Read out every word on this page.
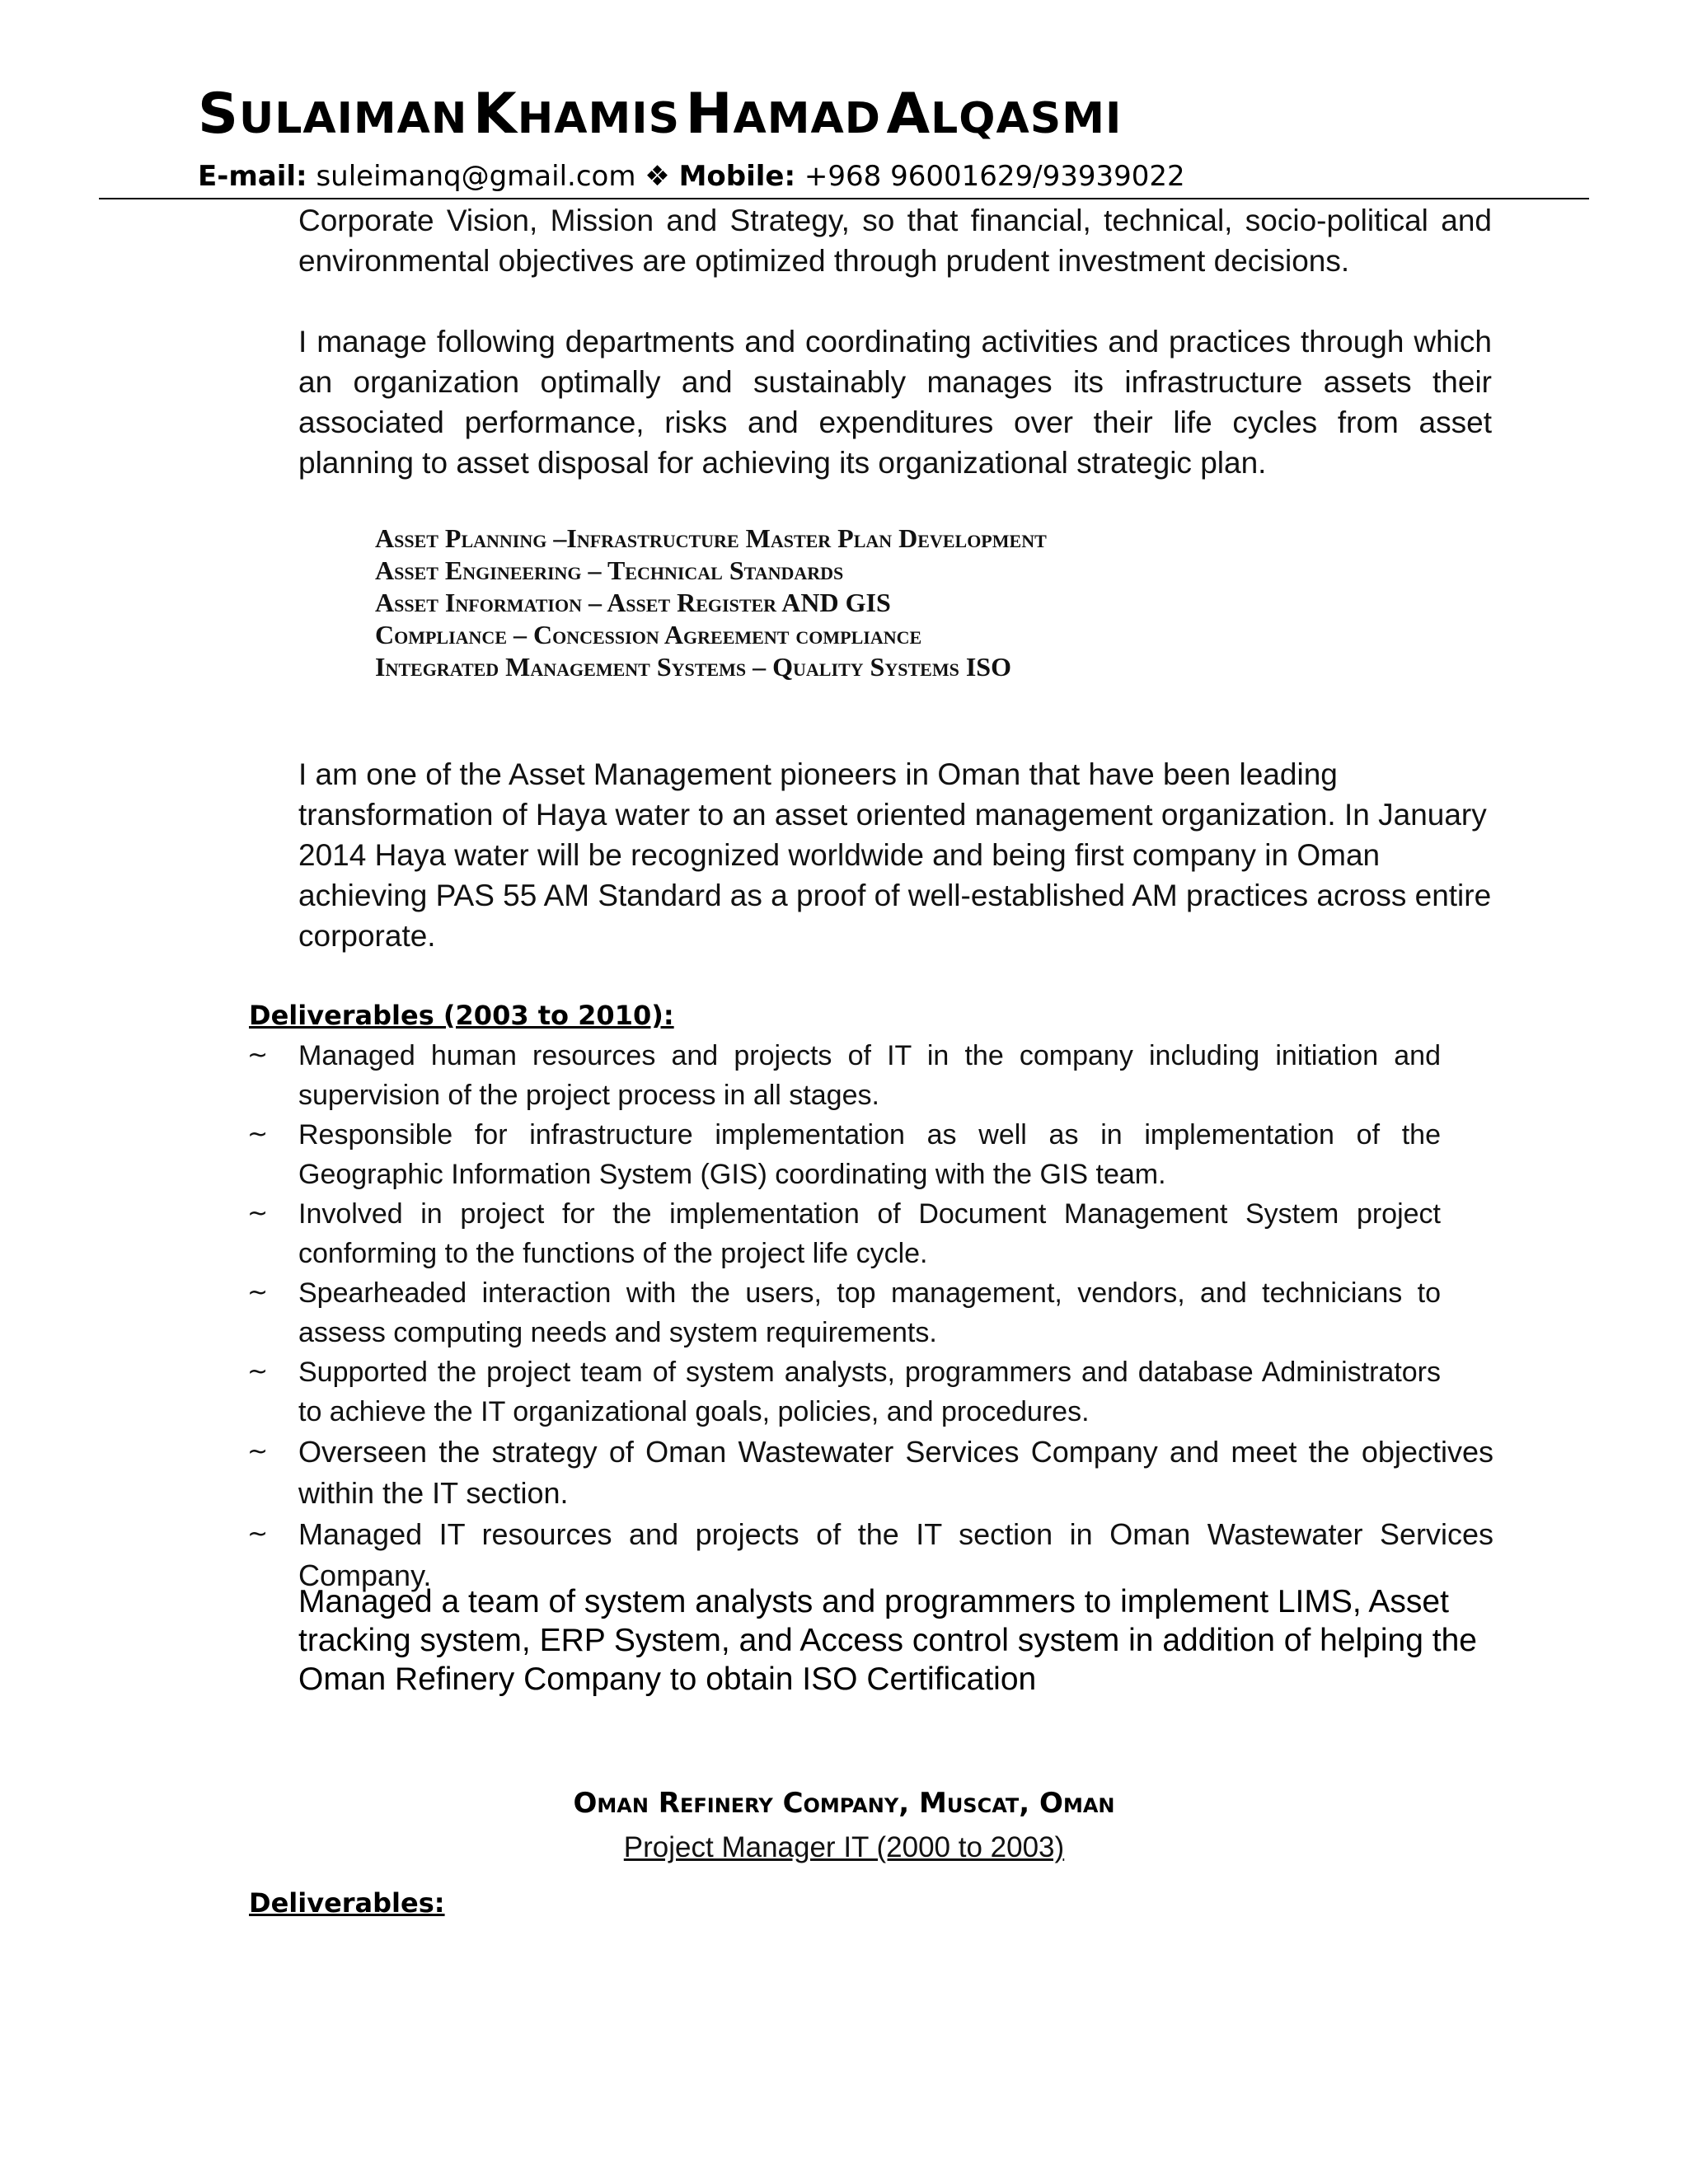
SULAIMAN KHAMIS HAMAD ALQASMI
E-mail: suleimanq@gmail.com ❖ Mobile: +968 96001629/93939022

Corporate Vision, Mission and Strategy, so that financial, technical, socio-political and environmental objectives are optimized through prudent investment decisions.

I manage following departments and coordinating activities and practices through which an organization optimally and sustainably manages its infrastructure assets their associated performance, risks and expenditures over their life cycles from asset planning to asset disposal for achieving its organizational strategic plan.

Asset Planning –Infrastructure Master Plan Development
Asset Engineering – Technical Standards
Asset Information – Asset Register AND GIS
Compliance – Concession Agreement compliance
Integrated Management Systems – Quality Systems ISO

I am one of the Asset Management pioneers in Oman that have been leading transformation of Haya water to an asset oriented management organization. In January 2014 Haya water will be recognized worldwide and being first company in Oman achieving PAS 55 AM Standard as a proof of well-established AM practices across entire corporate.

Deliverables (2003 to 2010):
~ Managed human resources and projects of IT in the company including initiation and supervision of the project process in all stages.
~ Responsible for infrastructure implementation as well as in implementation of the Geographic Information System (GIS) coordinating with the GIS team.
~ Involved in project for the implementation of Document Management System project conforming to the functions of the project life cycle.
~ Spearheaded interaction with the users, top management, vendors, and technicians to assess computing needs and system requirements.
~ Supported the project team of system analysts, programmers and database Administrators to achieve the IT organizational goals, policies, and procedures.
~ Overseen the strategy of Oman Wastewater Services Company and meet the objectives within the IT section.
~ Managed IT resources and projects of the IT section in Oman Wastewater Services Company.
Managed a team of system analysts and programmers to implement LIMS, Asset tracking system, ERP System, and Access control system in addition of helping the Oman Refinery Company to obtain ISO Certification
Oman Refinery Company, Muscat, Oman
Project Manager IT (2000 to 2003)
Deliverables:
